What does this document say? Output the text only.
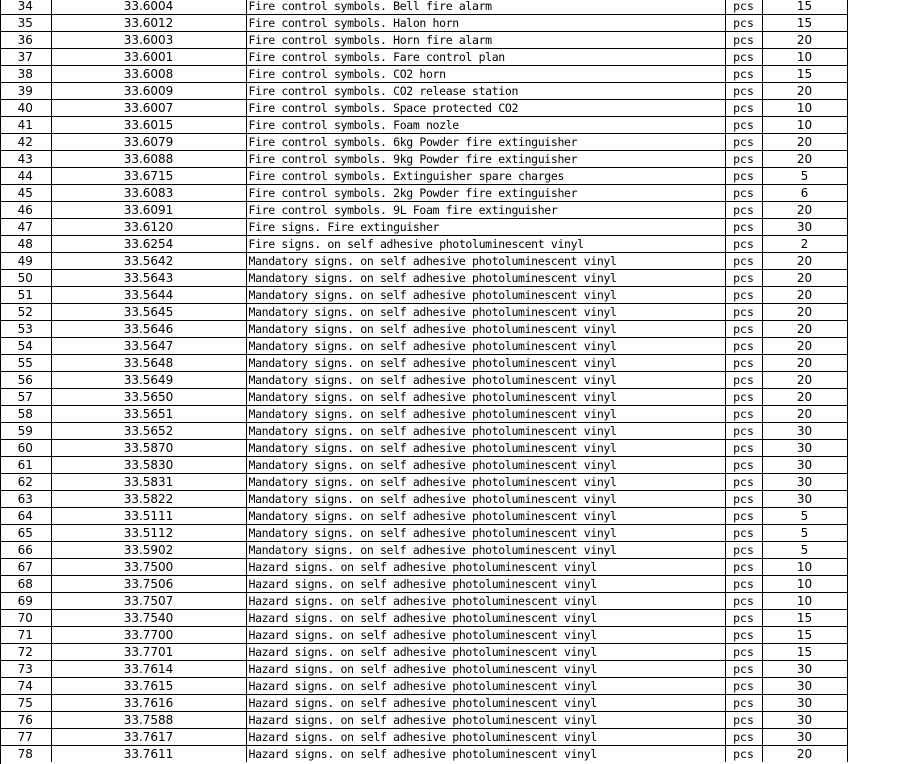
34	33.6004	Fire control symbols. Bell fire alarm	pcs	15	
35	33.6012	Fire control symbols. Halon horn	pcs	15	
36	33.6003	Fire control symbols. Horn fire alarm	pcs	20	
37	33.6001	Fire control symbols. Fare control plan	pcs	10	
38	33.6008	Fire control symbols. CO2 horn	pcs	15	
39	33.6009	Fire control symbols. CO2 release station	pcs	20	
40	33.6007	Fire control symbols. Space protected CO2	pcs	10	
41	33.6015	Fire control symbols. Foam nozle	pcs	10	
42	33.6079	Fire control symbols. 6kg Powder fire extinguisher	pcs	20	
43	33.6088	Fire control symbols. 9kg Powder fire extinguisher	pcs	20	
44	33.6715	Fire control symbols. Extinguisher spare charges	pcs	5	
45	33.6083	Fire control symbols. 2kg Powder fire extinguisher	pcs	6	
46	33.6091	Fire control symbols. 9L Foam fire extinguisher	pcs	20	
47	33.6120	Fire signs. Fire extinguisher	pcs	30	
48	33.6254	Fire signs. on self adhesive photoluminescent vinyl	pcs	2	
49	33.5642	Mandatory signs. on self adhesive photoluminescent vinyl	pcs	20	
50	33.5643	Mandatory signs. on self adhesive photoluminescent vinyl	pcs	20	
51	33.5644	Mandatory signs. on self adhesive photoluminescent vinyl	pcs	20	
52	33.5645	Mandatory signs. on self adhesive photoluminescent vinyl	pcs	20	
53	33.5646	Mandatory signs. on self adhesive photoluminescent vinyl	pcs	20	
54	33.5647	Mandatory signs. on self adhesive photoluminescent vinyl	pcs	20	
55	33.5648	Mandatory signs. on self adhesive photoluminescent vinyl	pcs	20	
56	33.5649	Mandatory signs. on self adhesive photoluminescent vinyl	pcs	20	
57	33.5650	Mandatory signs. on self adhesive photoluminescent vinyl	pcs	20	
58	33.5651	Mandatory signs. on self adhesive photoluminescent vinyl	pcs	20	
59	33.5652	Mandatory signs. on self adhesive photoluminescent vinyl	pcs	30	
60	33.5870	Mandatory signs. on self adhesive photoluminescent vinyl	pcs	30	
61	33.5830	Mandatory signs. on self adhesive photoluminescent vinyl	pcs	30	
62	33.5831	Mandatory signs. on self adhesive photoluminescent vinyl	pcs	30	
63	33.5822	Mandatory signs. on self adhesive photoluminescent vinyl	pcs	30	
64	33.5111	Mandatory signs. on self adhesive photoluminescent vinyl	pcs	5	
65	33.5112	Mandatory signs. on self adhesive photoluminescent vinyl	pcs	5	
66	33.5902	Mandatory signs. on self adhesive photoluminescent vinyl	pcs	5	
67	33.7500	Hazard signs. on self adhesive photoluminescent vinyl	pcs	10	
68	33.7506	Hazard signs. on self adhesive photoluminescent vinyl	pcs	10	
69	33.7507	Hazard signs. on self adhesive photoluminescent vinyl	pcs	10	
70	33.7540	Hazard signs. on self adhesive photoluminescent vinyl	pcs	15	
71	33.7700	Hazard signs. on self adhesive photoluminescent vinyl	pcs	15	
72	33.7701	Hazard signs. on self adhesive photoluminescent vinyl	pcs	15	
73	33.7614	Hazard signs. on self adhesive photoluminescent vinyl	pcs	30	
74	33.7615	Hazard signs. on self adhesive photoluminescent vinyl	pcs	30	
75	33.7616	Hazard signs. on self adhesive photoluminescent vinyl	pcs	30	
76	33.7588	Hazard signs. on self adhesive photoluminescent vinyl	pcs	30	
77	33.7617	Hazard signs. on self adhesive photoluminescent vinyl	pcs	30	
78	33.7611	Hazard signs. on self adhesive photoluminescent vinyl	pcs	20	
